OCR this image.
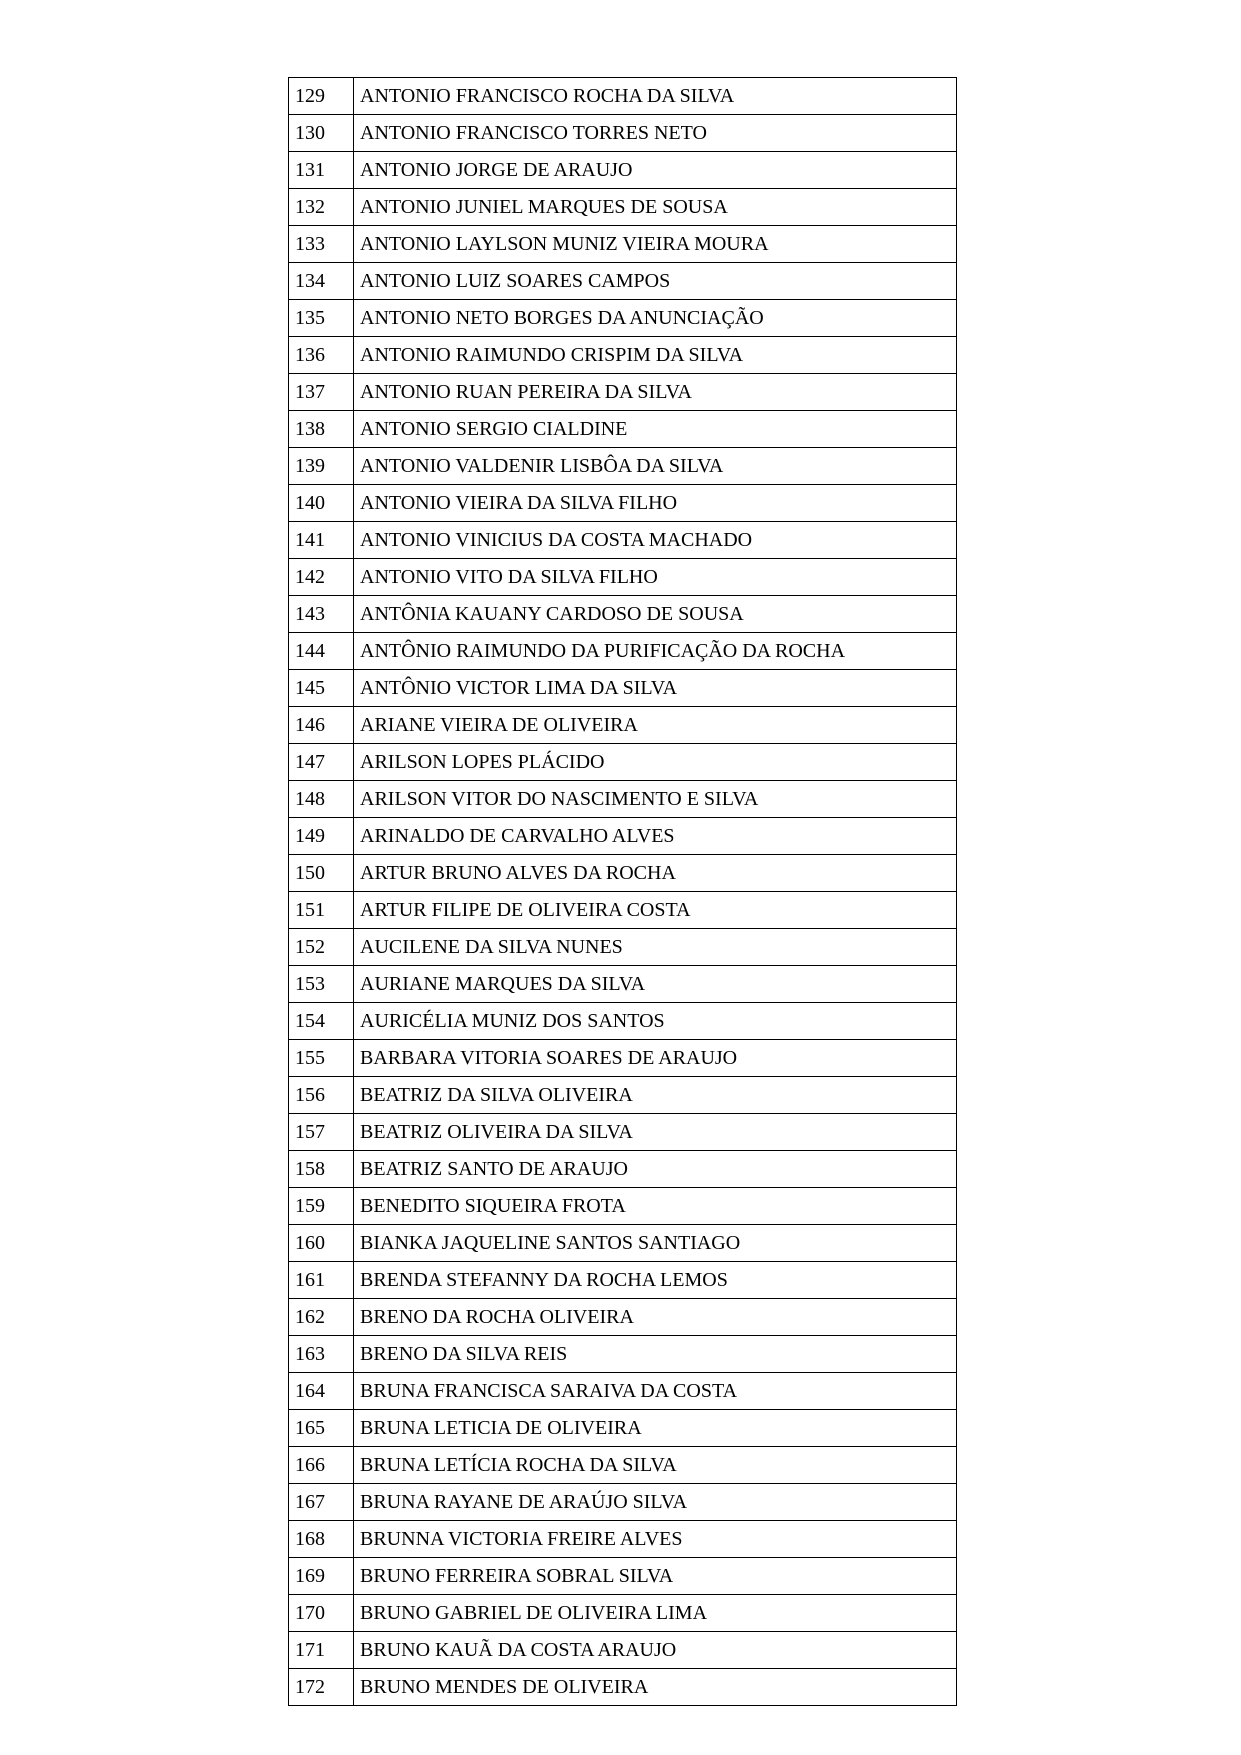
129	ANTONIO FRANCISCO ROCHA DA SILVA
130	ANTONIO FRANCISCO TORRES NETO
131	ANTONIO JORGE DE ARAUJO
132	ANTONIO JUNIEL MARQUES DE SOUSA
133	ANTONIO LAYLSON MUNIZ VIEIRA MOURA
134	ANTONIO LUIZ SOARES CAMPOS
135	ANTONIO NETO BORGES DA ANUNCIAÇÃO
136	ANTONIO RAIMUNDO CRISPIM DA SILVA
137	ANTONIO RUAN PEREIRA DA SILVA
138	ANTONIO SERGIO CIALDINE
139	ANTONIO VALDENIR LISBÔA DA SILVA
140	ANTONIO VIEIRA DA SILVA FILHO
141	ANTONIO VINICIUS DA COSTA MACHADO
142	ANTONIO VITO DA SILVA FILHO
143	ANTÔNIA KAUANY CARDOSO DE SOUSA
144	ANTÔNIO RAIMUNDO DA PURIFICAÇÃO DA ROCHA
145	ANTÔNIO VICTOR LIMA DA SILVA
146	ARIANE VIEIRA DE OLIVEIRA
147	ARILSON LOPES PLÁCIDO
148	ARILSON VITOR DO NASCIMENTO E SILVA
149	ARINALDO DE CARVALHO ALVES
150	ARTUR BRUNO ALVES DA ROCHA
151	ARTUR FILIPE DE OLIVEIRA COSTA
152	AUCILENE DA SILVA NUNES
153	AURIANE MARQUES DA SILVA
154	AURICÉLIA MUNIZ DOS SANTOS
155	BARBARA VITORIA SOARES DE ARAUJO
156	BEATRIZ DA SILVA OLIVEIRA
157	BEATRIZ OLIVEIRA DA SILVA
158	BEATRIZ SANTO DE ARAUJO
159	BENEDITO SIQUEIRA FROTA
160	BIANKA JAQUELINE SANTOS SANTIAGO
161	BRENDA STEFANNY DA ROCHA LEMOS
162	BRENO DA ROCHA OLIVEIRA
163	BRENO DA SILVA REIS
164	BRUNA FRANCISCA SARAIVA DA COSTA
165	BRUNA LETICIA DE OLIVEIRA
166	BRUNA LETÍCIA ROCHA DA SILVA
167	BRUNA RAYANE DE ARAÚJO SILVA
168	BRUNNA VICTORIA FREIRE ALVES
169	BRUNO FERREIRA SOBRAL SILVA
170	BRUNO GABRIEL DE OLIVEIRA LIMA
171	BRUNO KAUÃ DA COSTA ARAUJO
172	BRUNO MENDES DE OLIVEIRA
